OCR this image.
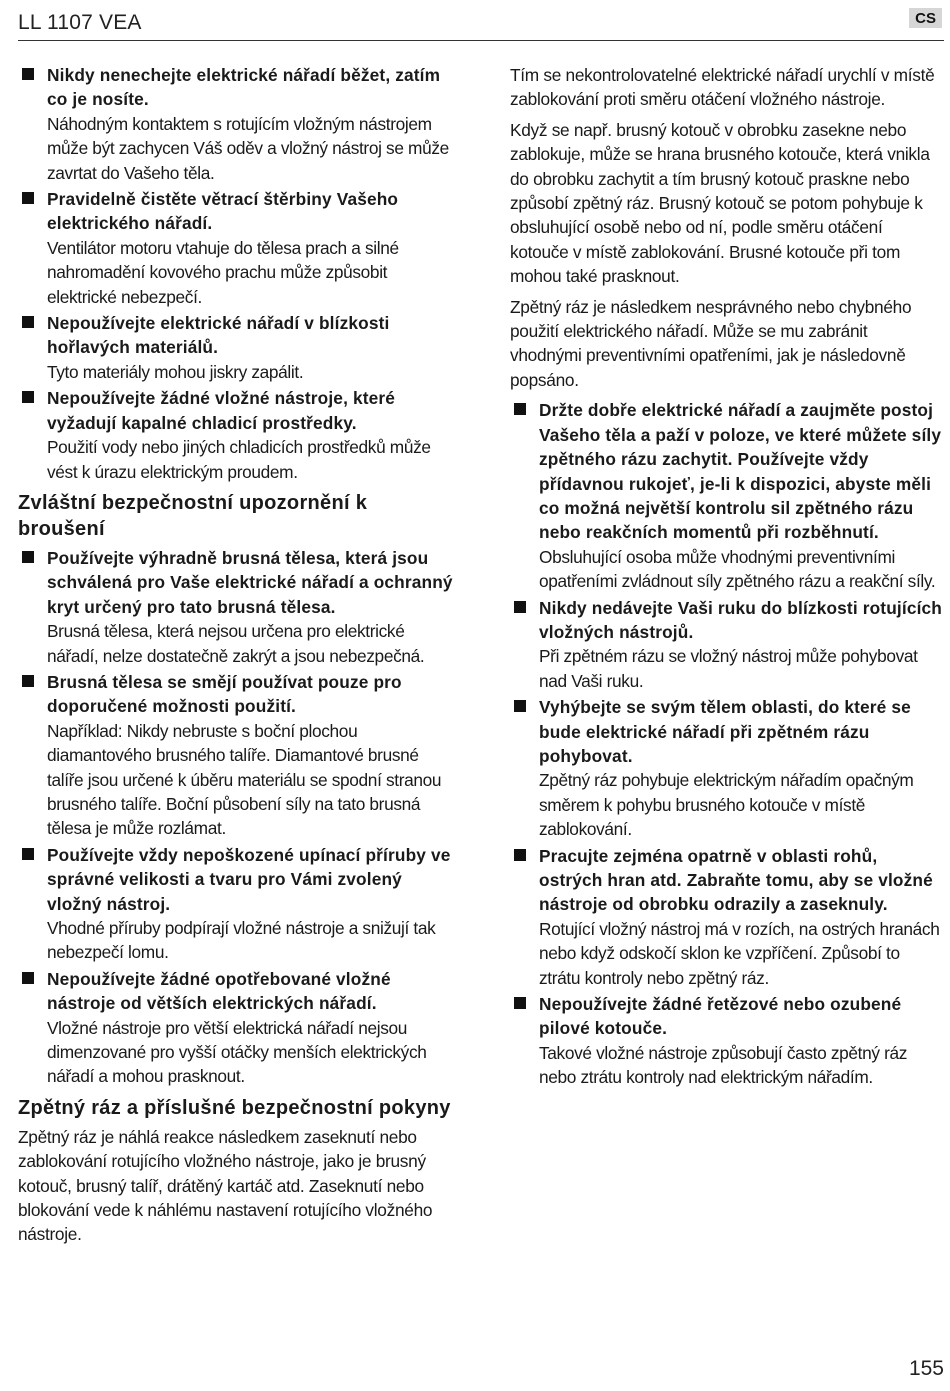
LL 1107 VEA	CS
Nikdy nenechejte elektrické nářadí běžet, zatím co je nosíte.
Náhodným kontaktem s rotujícím vložným nástrojem může být zachycen Váš oděv a vložný nástroj se může zavrtat do Vašeho těla.
Pravidelně čistěte větrací štěrbiny Vašeho elektrického nářadí.
Ventilátor motoru vtahuje do tělesa prach a silné nahromadění kovového prachu může způsobit elektrické nebezpečí.
Nepoužívejte elektrické nářadí v blízkosti hořlavých materiálů.
Tyto materiály mohou jiskry zapálit.
Nepoužívejte žádné vložné nástroje, které vyžadují kapalné chladicí prostředky.
Použití vody nebo jiných chladicích prostředků může vést k úrazu elektrickým proudem.
Zvláštní bezpečnostní upozornění k broušení
Používejte výhradně brusná tělesa, která jsou schválená pro Vaše elektrické nářadí a ochranný kryt určený pro tato brusná tělesa.
Brusná tělesa, která nejsou určena pro elektrické nářadí, nelze dostatečně zakrýt a jsou nebezpečná.
Brusná tělesa se smějí používat pouze pro doporučené možnosti použití.
Například: Nikdy nebruste s boční plochou diamantového brusného talíře. Diamantové brusné talíře jsou určené k úběru materiálu se spodní stranou brusného talíře. Boční působení síly na tato brusná tělesa je může rozlámat.
Používejte vždy nepoškozené upínací příruby ve správné velikosti a tvaru pro Vámi zvolený vložný nástroj.
Vhodné příruby podpírají vložné nástroje a snižují tak nebezpečí lomu.
Nepoužívejte žádné opotřebované vložné nástroje od větších elektrických nářadí.
Vložné nástroje pro větší elektrická nářadí nejsou dimenzované pro vyšší otáčky menších elektrických nářadí a mohou prasknout.
Zpětný ráz a příslušné bezpečnostní pokyny
Zpětný ráz je náhlá reakce následkem zaseknutí nebo zablokování rotujícího vložného nástroje, jako je brusný kotouč, brusný talíř, drátěný kartáč atd. Zaseknutí nebo blokování vede k náhlému nastavení rotujícího vložného nástroje.
Tím se nekontrolovatelné elektrické nářadí urychlí v místě zablokování proti směru otáčení vložného nástroje.
Když se např. brusný kotouč v obrobku zasekne nebo zablokuje, může se hrana brusného kotouče, která vnikla do obrobku zachytit a tím brusný kotouč praskne nebo způsobí zpětný ráz. Brusný kotouč se potom pohybuje k obsluhující osobě nebo od ní, podle směru otáčení kotouče v místě zablokování. Brusné kotouče při tom mohou také prasknout.
Zpětný ráz je následkem nesprávného nebo chybného použití elektrického nářadí. Může se mu zabránit vhodnými preventivními opatřeními, jak je následovně popsáno.
Držte dobře elektrické nářadí a zaujměte postoj Vašeho těla a paží v poloze, ve které můžete síly zpětného rázu zachytit. Používejte vždy přídavnou rukojeť, je-li k dispozici, abyste měli co možná největší kontrolu sil zpětného rázu nebo reakčních momentů při rozběhnutí.
Obsluhující osoba může vhodnými preventivními opatřeními zvládnout síly zpětného rázu a reakční síly.
Nikdy nedávejte Vaši ruku do blízkosti rotujících vložných nástrojů.
Při zpětném rázu se vložný nástroj může pohybovat nad Vaši ruku.
Vyhýbejte se svým tělem oblasti, do které se bude elektrické nářadí při zpětném rázu pohybovat.
Zpětný ráz pohybuje elektrickým nářadím opačným směrem k pohybu brusného kotouče v místě zablokování.
Pracujte zejména opatrně v oblasti rohů, ostrých hran atd. Zabraňte tomu, aby se vložné nástroje od obrobku odrazily a zaseknuly.
Rotující vložný nástroj má v rozích, na ostrých hranách nebo když odskočí sklon ke vzpříčení. Způsobí to ztrátu kontroly nebo zpětný ráz.
Nepoužívejte žádné řetězové nebo ozubené pilové kotouče.
Takové vložné nástroje způsobují často zpětný ráz nebo ztrátu kontroly nad elektrickým nářadím.
155
